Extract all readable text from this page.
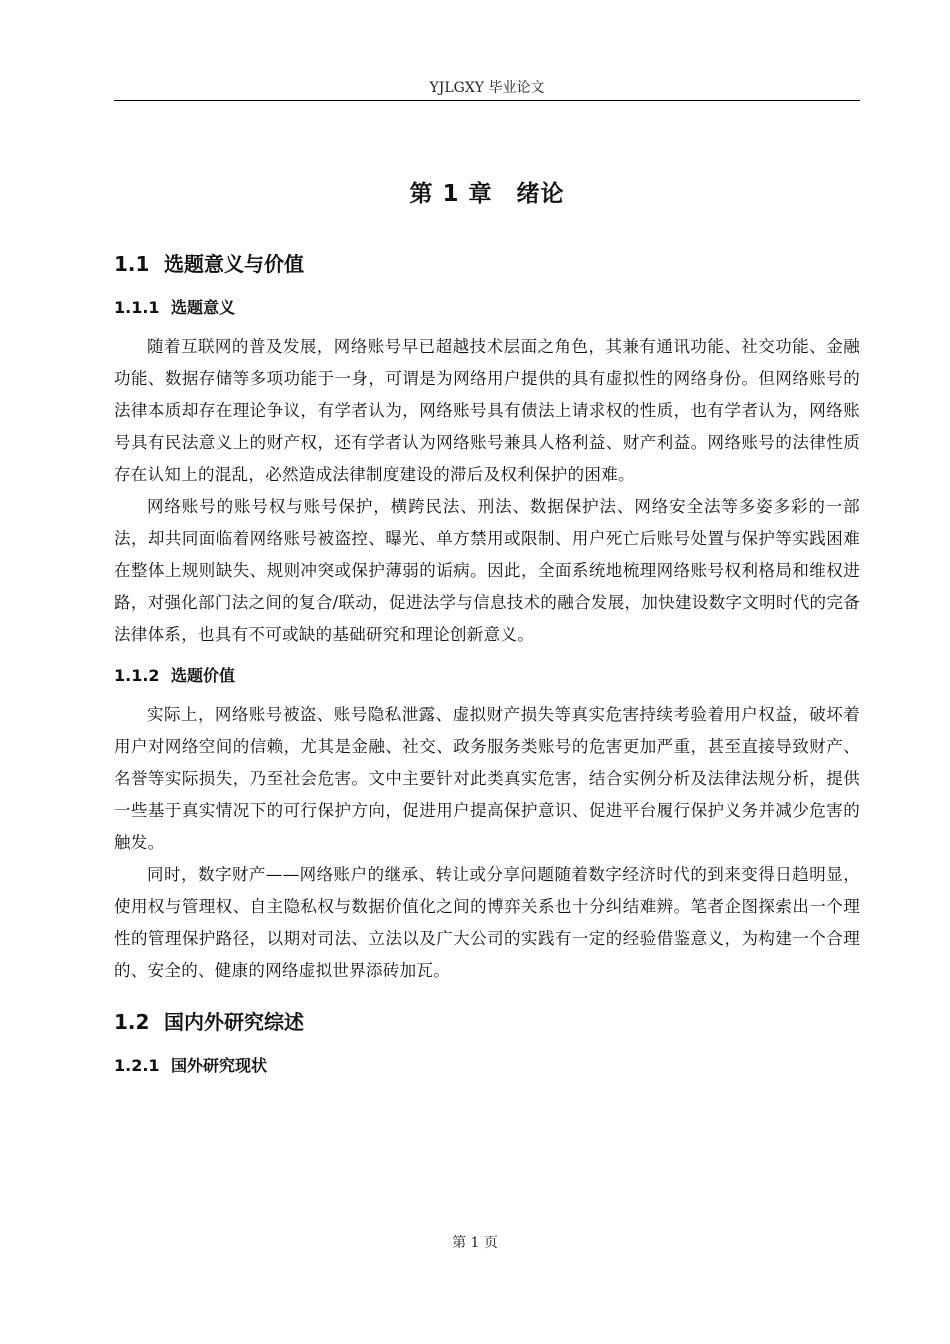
YJLGXY 毕业论文
第 1 章　绪论
1.1 选题意义与价值
1.1.1 选题意义

随着互联网的普及发展，网络账号早已超越技术层面之角色，其兼有通讯功能、社交功能、金融功能、数据存储等多项功能于一身，可谓是为网络用户提供的具有虚拟性的网络身份。但网络账号的法律本质却存在理论争议，有学者认为，网络账号具有债法上请求权的性质，也有学者认为，网络账号具有民法意义上的财产权，还有学者认为网络账号兼具人格利益、财产利益。网络账号的法律性质存在认知上的混乱，必然造成法律制度建设的滞后及权利保护的困难。

网络账号的账号权与账号保护，横跨民法、刑法、数据保护法、网络安全法等多姿多彩的一部法，却共同面临着网络账号被盗控、曝光、单方禁用或限制、用户死亡后账号处置与保护等实践困难在整体上规则缺失、规则冲突或保护薄弱的诟病。因此，全面系统地梳理网络账号权利格局和维权进路，对强化部门法之间的复合/联动，促进法学与信息技术的融合发展，加快建设数字文明时代的完备法律体系，也具有不可或缺的基础研究和理论创新意义。

1.1.2 选题价值

实际上，网络账号被盗、账号隐私泄露、虚拟财产损失等真实危害持续考验着用户权益，破坏着用户对网络空间的信赖，尤其是金融、社交、政务服务类账号的危害更加严重，甚至直接导致财产、名誉等实际损失，乃至社会危害。文中主要针对此类真实危害，结合实例分析及法律法规分析，提供一些基于真实情况下的可行保护方向，促进用户提高保护意识、促进平台履行保护义务并减少危害的触发。

同时，数字财产——网络账户的继承、转让或分享问题随着数字经济时代的到来变得日趋明显，使用权与管理权、自主隐私权与数据价值化之间的博弈关系也十分纠结难辨。笔者企图探索出一个理性的管理保护路径，以期对司法、立法以及广大公司的实践有一定的经验借鉴意义，为构建一个合理的、安全的、健康的网络虚拟世界添砖加瓦。

1.2 国内外研究综述
1.2.1 国外研究现状
第 1 页
